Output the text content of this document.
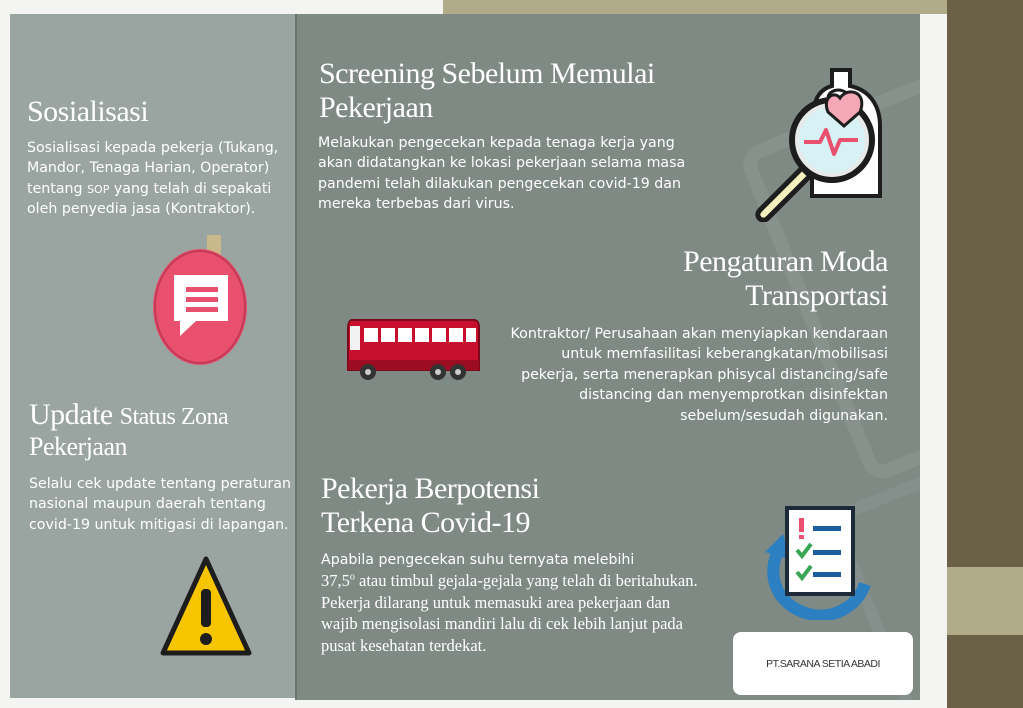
Sosialisasi
Sosialisasi kepada pekerja (Tukang, Mandor, Tenaga Harian, Operator) tentang SOP yang telah di sepakati oleh penyedia jasa (Kontraktor).
Update Status Zona
Pekerjaan
Selalu cek update tentang peraturan nasional maupun daerah tentang covid-19 untuk mitigasi di lapangan.
Screening Sebelum Memulai
Pekerjaan
Melakukan pengecekan kepada tenaga kerja yang akan didatangkan ke lokasi pekerjaan selama masa pandemi telah dilakukan pengecekan covid-19 dan mereka terbebas dari virus.
Pengaturan Moda
Transportasi
Kontraktor/ Perusahaan akan menyiapkan kendaraan untuk memfasilitasi keberangkatan/mobilisasi pekerja, serta menerapkan phisycal distancing/safe distancing dan menyemprotkan disinfektan sebelum/sesudah digunakan.
Pekerja Berpotensi
Terkena Covid-19
Apabila pengecekan suhu ternyata melebihi
37,5$^o$ atau timbul gejala-gejala yang telah di beritahukan. Pekerja dilarang untuk memasuki area pekerjaan dan wajib mengisolasi mandiri lalu di cek lebih lanjut pada pusat kesehatan terdekat.
PT.SARANA SETIA ABADI
